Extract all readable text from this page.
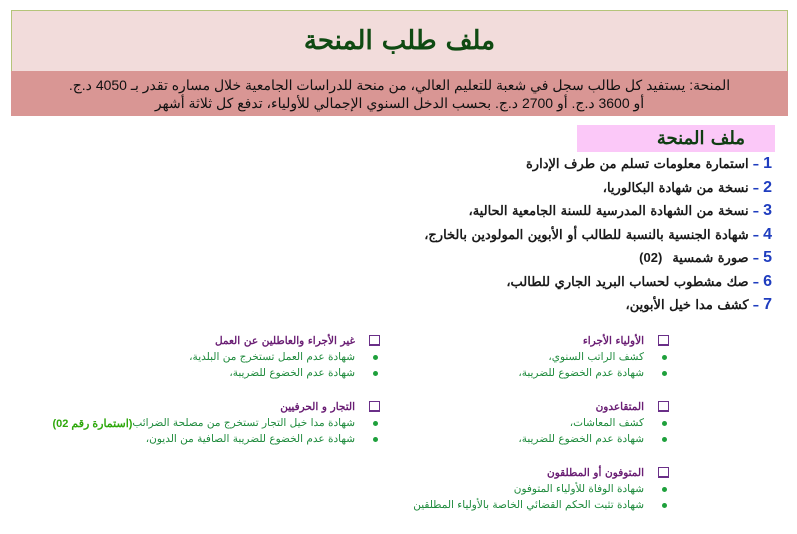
ملف طلب المنحة
المنحة: يستفيد كل طالب سجل في شعبة للتعليم العالي، من منحة للدراسات الجامعية خلال مساره تقدر بـ 4050 د.ج.
أو 3600 د.ج. أو 2700 د.ج. بحسب الدخل السنوي الإجمالي للأولياء، تدفع كل ثلاثة أشهر
ملف المنحة
1–استمارة معلومات تسلم من طرف الإدارة
2–نسخة من شهادة البكالوريا،
3–نسخة من الشهادة المدرسية للسنة الجامعية الحالية،
4–شهادة الجنسية بالنسبة للطالب أو الأبوين المولودين بالخارج،
5–صورة شمسية(02)
6–صك مشطوب لحساب البريد الجاري للطالب،
7–كشف مدا خيل الأبوين،
الأولياء الأجراء
كشف الراتب السنوي،
شهادة عدم الخضوع للضريبة،
غير الأجراء والعاطلين عن العمل
شهادة عدم العمل تستخرج من البلدية،
شهادة عدم الخضوع للضريبة،
المتقاعدون
كشف المعاشات،
شهادة عدم الخضوع للضريبة،
التجار و الحرفيين
شهادة مدا خيل التجار تستخرج من مصلحة الضرائب
(استمارة رقم 02)
شهادة عدم الخضوع للضريبة الصافية من الديون،
المتوفون أو المطلقون
شهادة الوفاة للأولياء المتوفون
شهادة تثبت الحكم القضائي الخاصة بالأولياء المطلقين
